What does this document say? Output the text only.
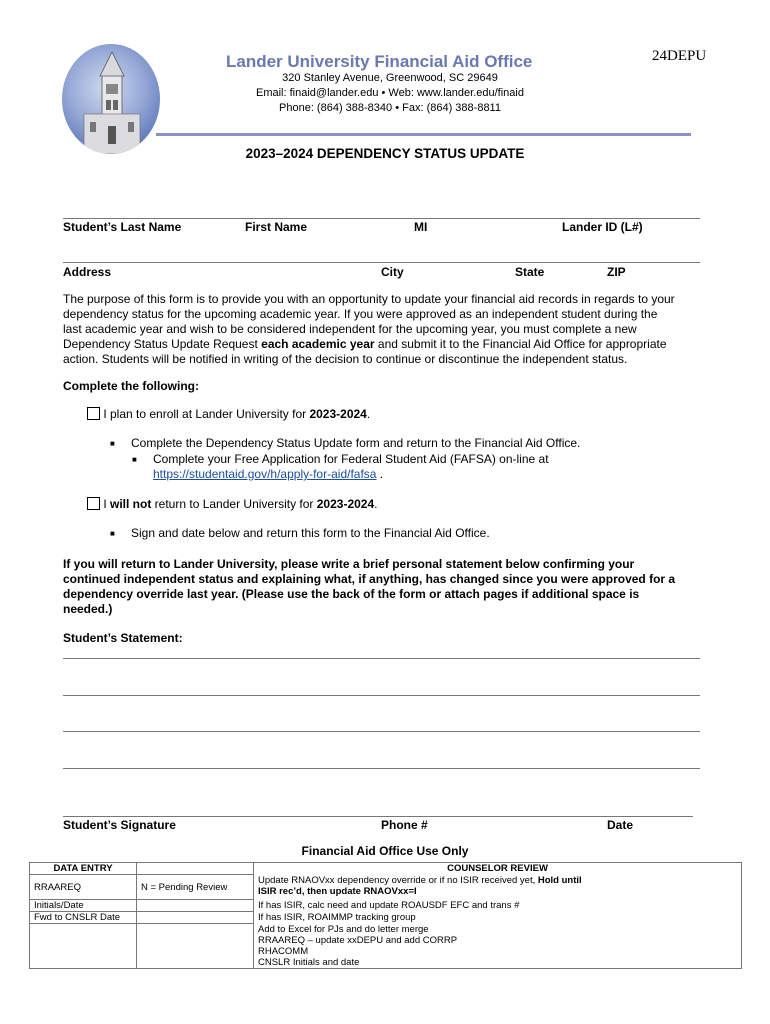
Lander University Financial Aid Office	24DEPU
320 Stanley Avenue, Greenwood, SC 29649
Email: finaid@lander.edu • Web: www.lander.edu/finaid
Phone: (864) 388-8340 • Fax: (864) 388-8811
2023–2024 DEPENDENCY STATUS UPDATE
Student’s Last Name	First Name	MI	Lander ID (L#)
Address	City	State	ZIP
The purpose of this form is to provide you with an opportunity to update your financial aid records in regards to your
dependency status for the upcoming academic year. If you were approved as an independent student during the
last academic year and wish to be considered independent for the upcoming year, you must complete a new
Dependency Status Update Request each academic year and submit it to the Financial Aid Office for appropriate
action. Students will be notified in writing of the decision to continue or discontinue the independent status.
Complete the following:
I plan to enroll at Lander University for 2023-2024.
■ Complete the Dependency Status Update form and return to the Financial Aid Office.
■ Complete your Free Application for Federal Student Aid (FAFSA) on-line at
https://studentaid.gov/h/apply-for-aid/fafsa .
I will not return to Lander University for 2023-2024.
■ Sign and date below and return this form to the Financial Aid Office.
If you will return to Lander University, please write a brief personal statement below confirming your
continued independent status and explaining what, if anything, has changed since you were approved for a
dependency override last year. (Please use the back of the form or attach pages if additional space is
needed.)
Student’s Statement:
Student’s Signature	Phone #	Date
Financial Aid Office Use Only
DATA ENTRY		COUNSELOR REVIEW
RRAAREQ	N = Pending Review	Update RNAOVxx dependency override or if no ISIR received yet, Hold until
ISIR rec’d, then update RNAOVxx=I
Initials/Date		If has ISIR, calc need and update ROAUSDF EFC and trans #
Fwd to CNSLR Date		If has ISIR, ROAIMMP tracking group
		Add to Excel for PJs and do letter merge
		RRAAREQ – update xxDEPU and add CORRP
		RHACOMM
		CNSLR Initials and date
